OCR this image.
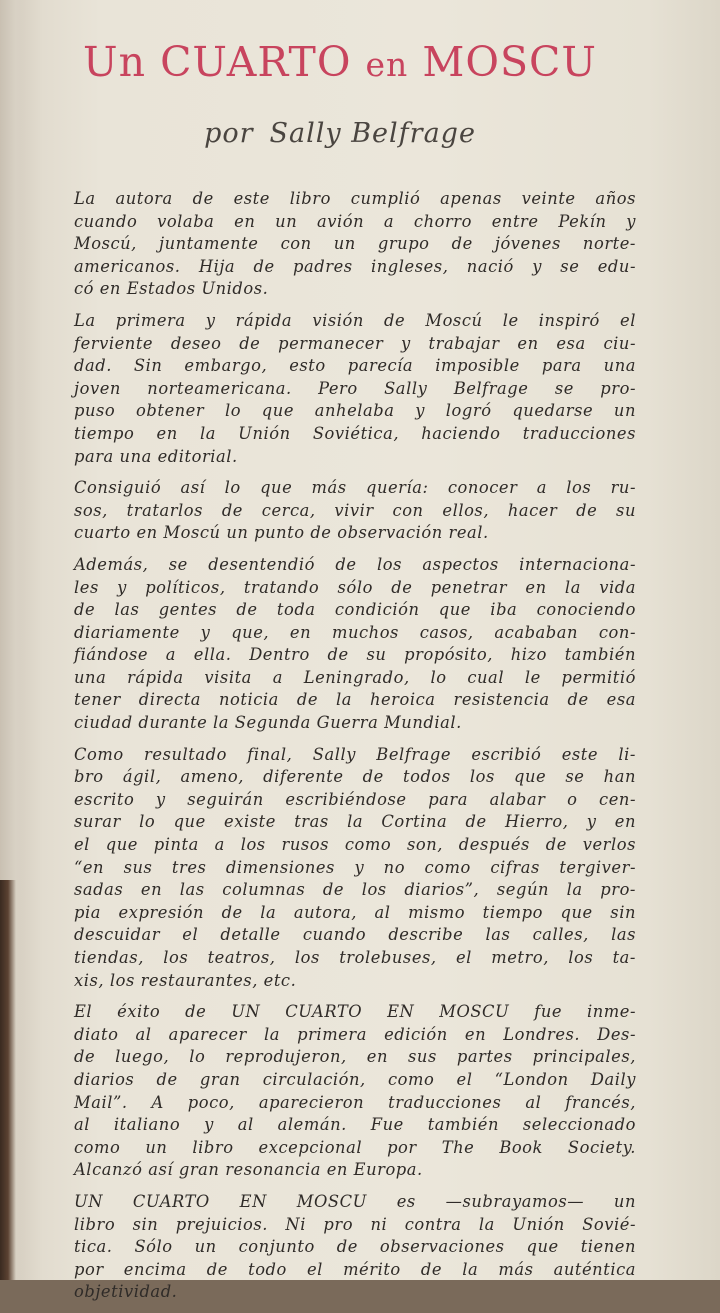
Un CUARTO en MOSCU
por Sally Belfrage
La autora de este libro cumplió apenas veinte años
cuando volaba en un avión a chorro entre Pekín y
Moscú, juntamente con un grupo de jóvenes norte-
americanos. Hija de padres ingleses, nació y se edu-
có en Estados Unidos.
La primera y rápida visión de Moscú le inspiró el
ferviente deseo de permanecer y trabajar en esa ciu-
dad. Sin embargo, esto parecía imposible para una
joven norteamericana. Pero Sally Belfrage se pro-
puso obtener lo que anhelaba y logró quedarse un
tiempo en la Unión Soviética, haciendo traducciones
para una editorial.
Consiguió así lo que más quería: conocer a los ru-
sos, tratarlos de cerca, vivir con ellos, hacer de su
cuarto en Moscú un punto de observación real.
Además, se desentendió de los aspectos internaciona-
les y políticos, tratando sólo de penetrar en la vida
de las gentes de toda condición que iba conociendo
diariamente y que, en muchos casos, acababan con-
fiándose a ella. Dentro de su propósito, hizo también
una rápida visita a Leningrado, lo cual le permitió
tener directa noticia de la heroica resistencia de esa
ciudad durante la Segunda Guerra Mundial.
Como resultado final, Sally Belfrage escribió este li-
bro ágil, ameno, diferente de todos los que se han
escrito y seguirán escribiéndose para alabar o cen-
surar lo que existe tras la Cortina de Hierro, y en
el que pinta a los rusos como son, después de verlos
“en sus tres dimensiones y no como cifras tergiver-
sadas en las columnas de los diarios”, según la pro-
pia expresión de la autora, al mismo tiempo que sin
descuidar el detalle cuando describe las calles, las
tiendas, los teatros, los trolebuses, el metro, los ta-
xis, los restaurantes, etc.
El éxito de UN CUARTO EN MOSCU fue inme-
diato al aparecer la primera edición en Londres. Des-
de luego, lo reprodujeron, en sus partes principales,
diarios de gran circulación, como el “London Daily
Mail”. A poco, aparecieron traducciones al francés,
al italiano y al alemán. Fue también seleccionado
como un libro excepcional por The Book Society.
Alcanzó así gran resonancia en Europa.
UN CUARTO EN MOSCU es —subrayamos— un
libro sin prejuicios. Ni pro ni contra la Unión Sovié-
tica. Sólo un conjunto de observaciones que tienen
por encima de todo el mérito de la más auténtica
objetividad.
